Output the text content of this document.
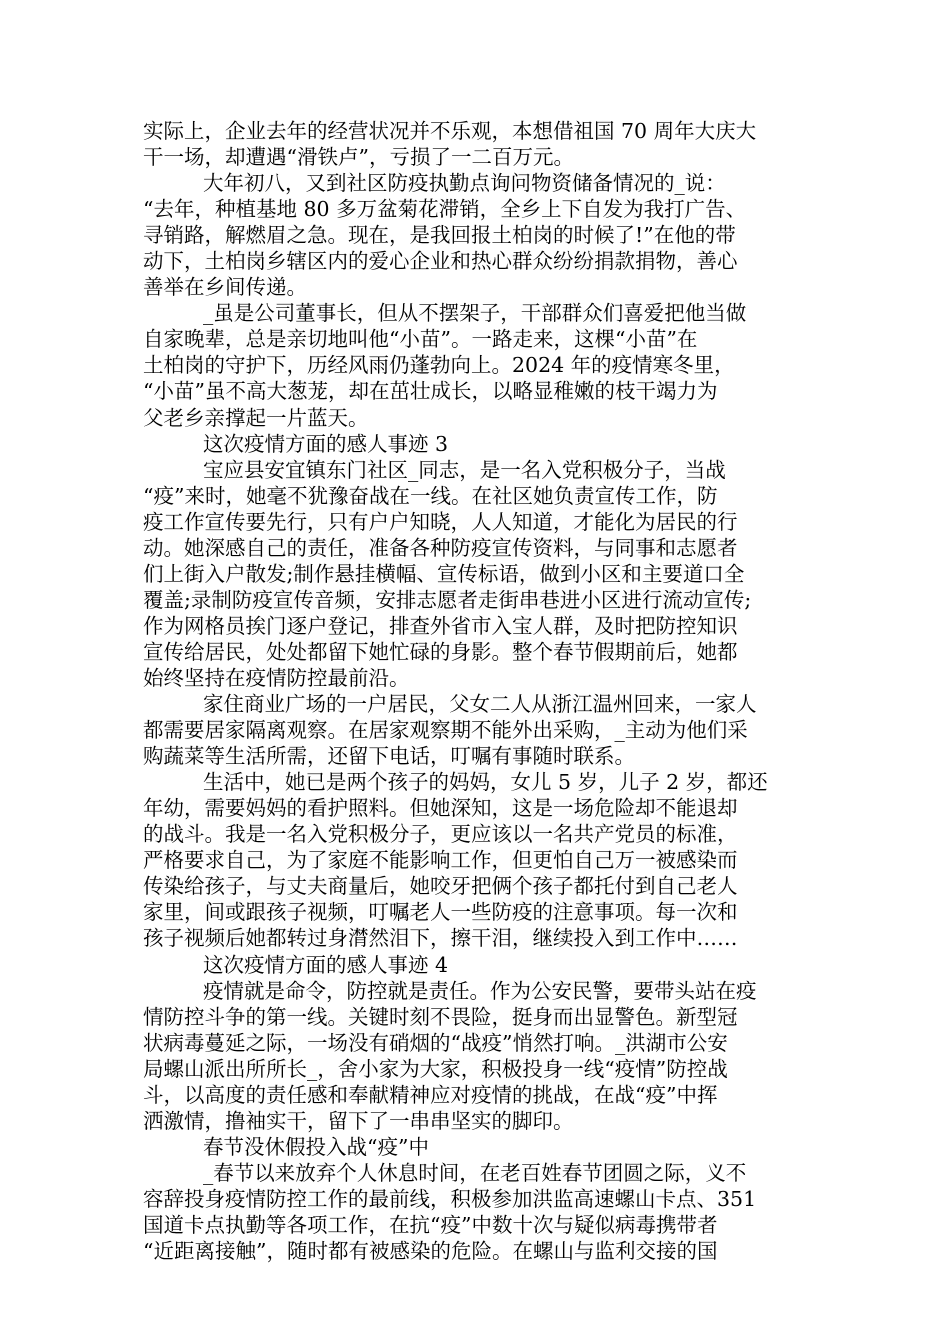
实际上，企业去年的经营状况并不乐观，本想借祖国 70 周年大庆大
干一场，却遭遇“滑铁卢”，亏损了一二百万元。
大年初八，又到社区防疫执勤点询问物资储备情况的_说：
“去年，种植基地 80 多万盆菊花滞销，全乡上下自发为我打广告、
寻销路，解燃眉之急。现在，是我回报土柏岗的时候了!”在他的带
动下，土柏岗乡辖区内的爱心企业和热心群众纷纷捐款捐物，善心
善举在乡间传递。
_虽是公司董事长，但从不摆架子，干部群众们喜爱把他当做
自家晚辈，总是亲切地叫他“小苗”。一路走来，这棵“小苗”在
土柏岗的守护下，历经风雨仍蓬勃向上。2024 年的疫情寒冬里，
“小苗”虽不高大葱茏，却在茁壮成长，以略显稚嫩的枝干竭力为
父老乡亲撑起一片蓝天。
这次疫情方面的感人事迹 3
宝应县安宜镇东门社区_同志，是一名入党积极分子，当战
“疫”来时，她毫不犹豫奋战在一线。在社区她负责宣传工作，防
疫工作宣传要先行，只有户户知晓，人人知道，才能化为居民的行
动。她深感自己的责任，准备各种防疫宣传资料，与同事和志愿者
们上街入户散发;制作悬挂横幅、宣传标语，做到小区和主要道口全
覆盖;录制防疫宣传音频，安排志愿者走街串巷进小区进行流动宣传;
作为网格员挨门逐户登记，排查外省市入宝人群，及时把防控知识
宣传给居民，处处都留下她忙碌的身影。整个春节假期前后，她都
始终坚持在疫情防控最前沿。
家住商业广场的一户居民，父女二人从浙江温州回来，一家人
都需要居家隔离观察。在居家观察期不能外出采购，_主动为他们采
购蔬菜等生活所需，还留下电话，叮嘱有事随时联系。
生活中，她已是两个孩子的妈妈，女儿 5 岁，儿子 2 岁，都还
年幼，需要妈妈的看护照料。但她深知，这是一场危险却不能退却
的战斗。我是一名入党积极分子，更应该以一名共产党员的标准，
严格要求自己，为了家庭不能影响工作，但更怕自己万一被感染而
传染给孩子，与丈夫商量后，她咬牙把俩个孩子都托付到自己老人
家里，间或跟孩子视频，叮嘱老人一些防疫的注意事项。每一次和
孩子视频后她都转过身潸然泪下，擦干泪，继续投入到工作中……
这次疫情方面的感人事迹 4
疫情就是命令，防控就是责任。作为公安民警，要带头站在疫
情防控斗争的第一线。关键时刻不畏险，挺身而出显警色。新型冠
状病毒蔓延之际，一场没有硝烟的“战疫”悄然打响。_洪湖市公安
局螺山派出所所长_，舍小家为大家，积极投身一线“疫情”防控战
斗，以高度的责任感和奉献精神应对疫情的挑战，在战“疫”中挥
洒激情，撸袖实干，留下了一串串坚实的脚印。
春节没休假投入战“疫”中
_春节以来放弃个人休息时间，在老百姓春节团圆之际，义不
容辞投身疫情防控工作的最前线，积极参加洪监高速螺山卡点、351
国道卡点执勤等各项工作，在抗“疫”中数十次与疑似病毒携带者
“近距离接触”，随时都有被感染的危险。在螺山与监利交接的国
